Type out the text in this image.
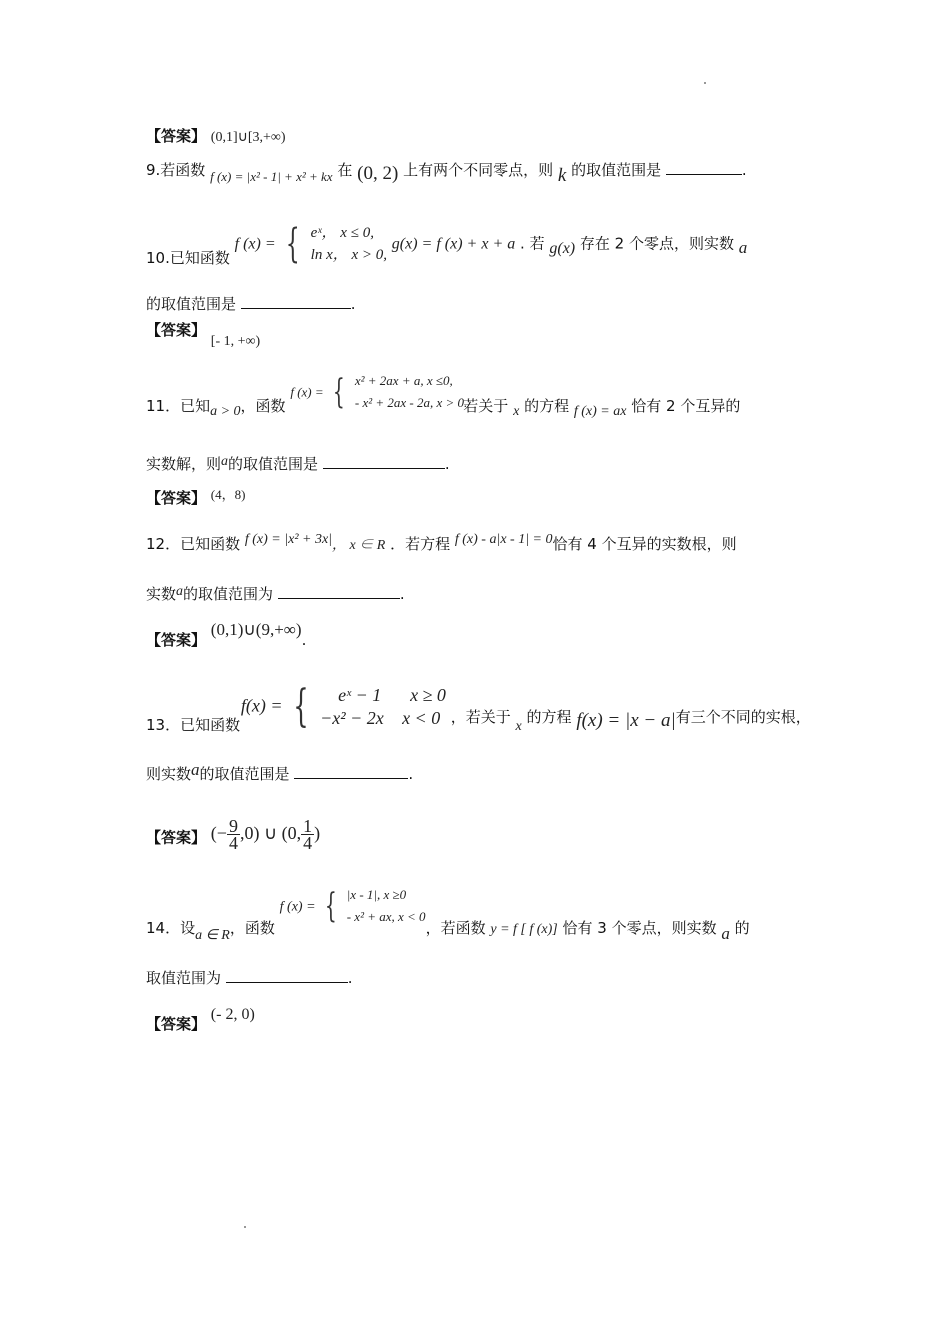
【答案】 (0,1]∪[3,+∞)
9.若函数 f (x) = |x² - 1| + x² + kx 在 (0, 2) 上有两个不同零点，则 k 的取值范围是	.
10.已知函数 f (x) = { eˣ， x ≤ 0,
ln x， x > 0,
g(x) = f (x) + x + a . 若 g(x) 存在 2 个零点，则实数 a
的取值范围是	.
【答案】 [- 1, +∞)
11．已知a > 0，函数 f (x) = { x² + 2ax + a, x ≤0,
- x² + 2ax - 2a, x > 0.
若关于 x 的方程 f (x) = ax 恰有 2 个互异的
实数解，则a的取值范围是	.
【答案】 (4，8)
12．已知函数 f (x) = |x² + 3x|， x ∈ R ．若方程 f (x) - a|x - 1| = 0恰有 4 个互异的实数根，则
实数a的取值范围为	.
【答案】 (0,1)∪(9,+∞).
13．已知函数 f(x) = {	eˣ − 1 x ≥ 0
−x² − 2x x < 0 ，若关于 x 的方程 f(x) = |x − a|有三个不同的实根，
则实数a的取值范围是	.
【答案】 (− $\frac{9}{4} ,0$) ∪ (0, $\frac{1}{4}$ )
14．设a ∈ R，函数 f (x) = { |x - 1|, x ≥0
- x² + ax, x < 0
，若函数 y = f [ f (x)] 恰有 3 个零点，则实数 a 的
取值范围为	.
【答案】 (- 2, 0)
